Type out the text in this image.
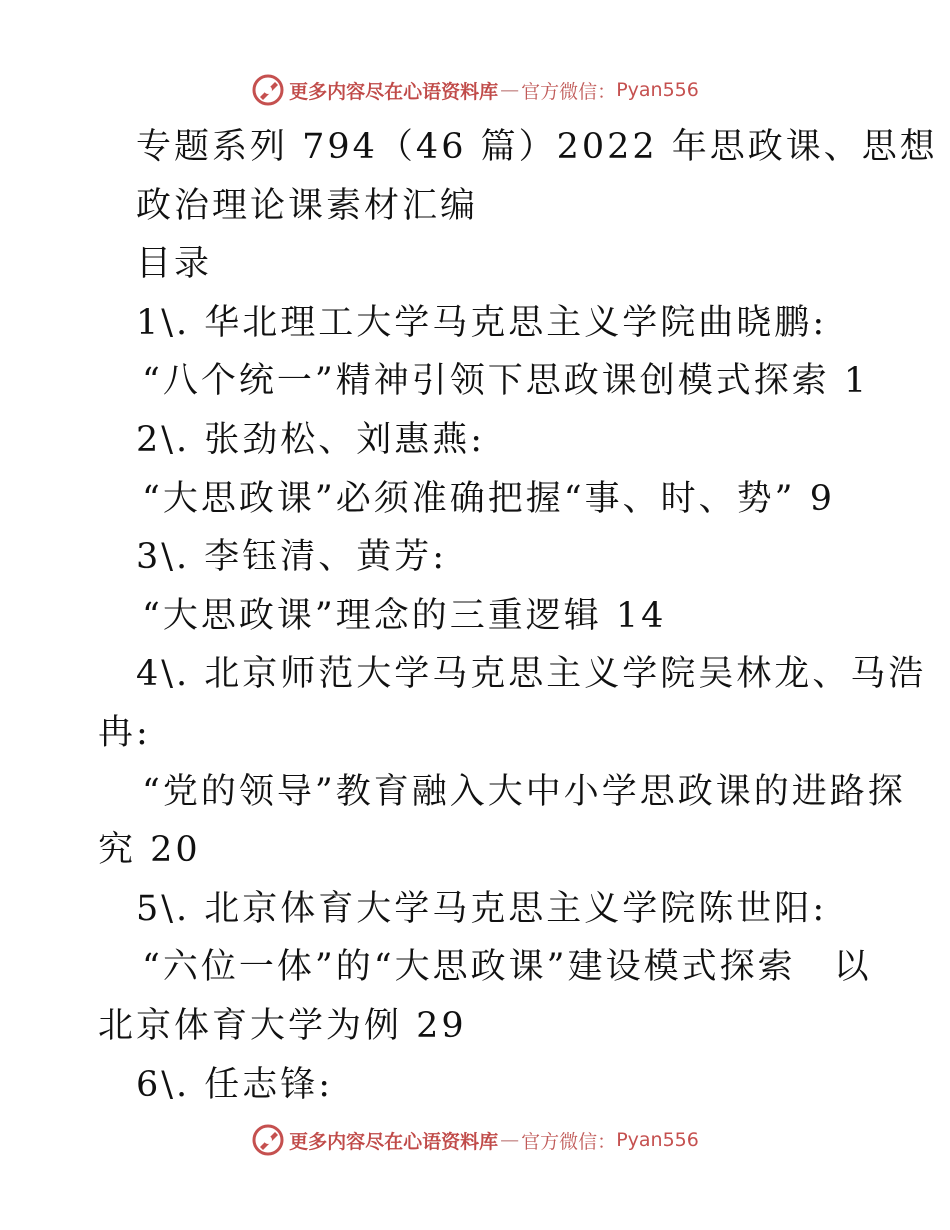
更多内容尽在心语资料库 — 官方微信： Pyan556
专题系列 794（46 篇）2022 年思政课、思想
政治理论课素材汇编
目录
1\. 华北理工大学马克思主义学院曲晓鹏:
“八个统一”精神引领下思政课创模式探索 1
2\. 张劲松、刘惠燕:
“大思政课”必须准确把握“事、时、势” 9
3\. 李钰清、黄芳:
“大思政课”理念的三重逻辑 14
4\. 北京师范大学马克思主义学院吴林龙、马浩
冉:
“党的领导”教育融入大中小学思政课的进路探
究 20
5\. 北京体育大学马克思主义学院陈世阳:
“六位一体”的“大思政课”建设模式探索　以
北京体育大学为例 29
6\. 任志锋:
更多内容尽在心语资料库 — 官方微信： Pyan556
